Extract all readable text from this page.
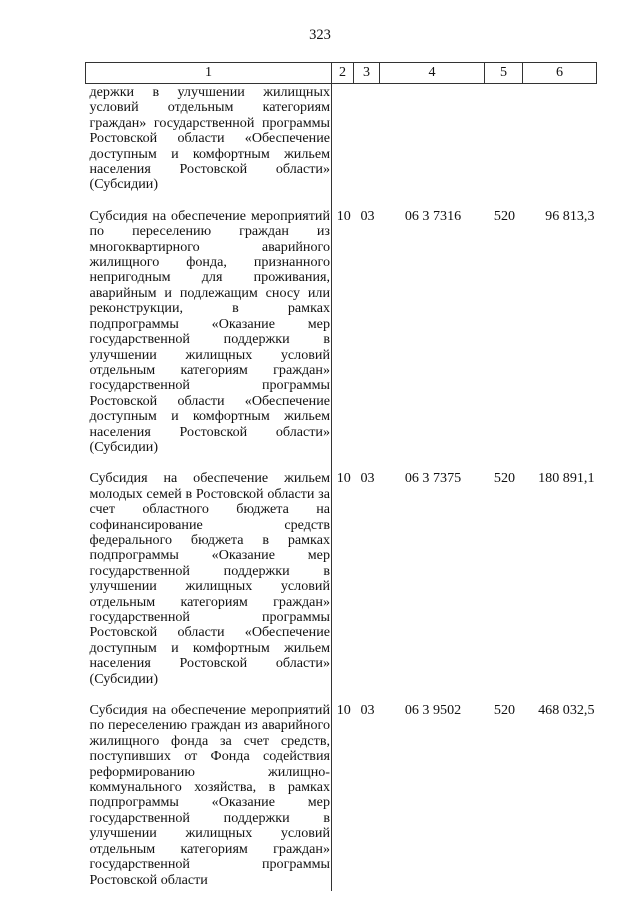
323
1	2	3	4	5	6
держки в улучшении жилищных условий отдельным категориям граждан» государственной программы Ростовской области «Обеспечение доступным и комфортным жильем населения Ростовской области» (Субсидии)					
Субсидия на обеспечение мероприятий по переселению граждан из многоквартирного аварийного жилищного фонда, признанного непригодным для проживания, аварийным и подлежащим сносу или реконструкции, в рамках подпрограммы «Оказание мер государственной поддержки в улучшении жилищных условий отдельным категориям граждан» государственной программы Ростовской области «Обеспечение доступным и комфортным жильем населения Ростовской области» (Субсидии)	10	03	06 3 7316	520	96 813,3
Субсидия на обеспечение жильем молодых семей в Ростовской области за счет областного бюджета на софинансирование средств федерального бюджета в рамках подпрограммы «Оказание мер государственной поддержки в улучшении жилищных условий отдельным категориям граждан» государственной программы Ростовской области «Обеспечение доступным и комфортным жильем населения Ростовской области» (Субсидии)	10	03	06 3 7375	520	180 891,1
Субсидия на обеспечение мероприятий по переселению граждан из аварийного жилищного фонда за счет средств, поступивших от Фонда содействия реформированию жилищно-коммунального хозяйства, в рамках подпрограммы «Оказание мер государственной поддержки в улучшении жилищных условий отдельным категориям граждан» государственной программы Ростовской области	10	03	06 3 9502	520	468 032,5
